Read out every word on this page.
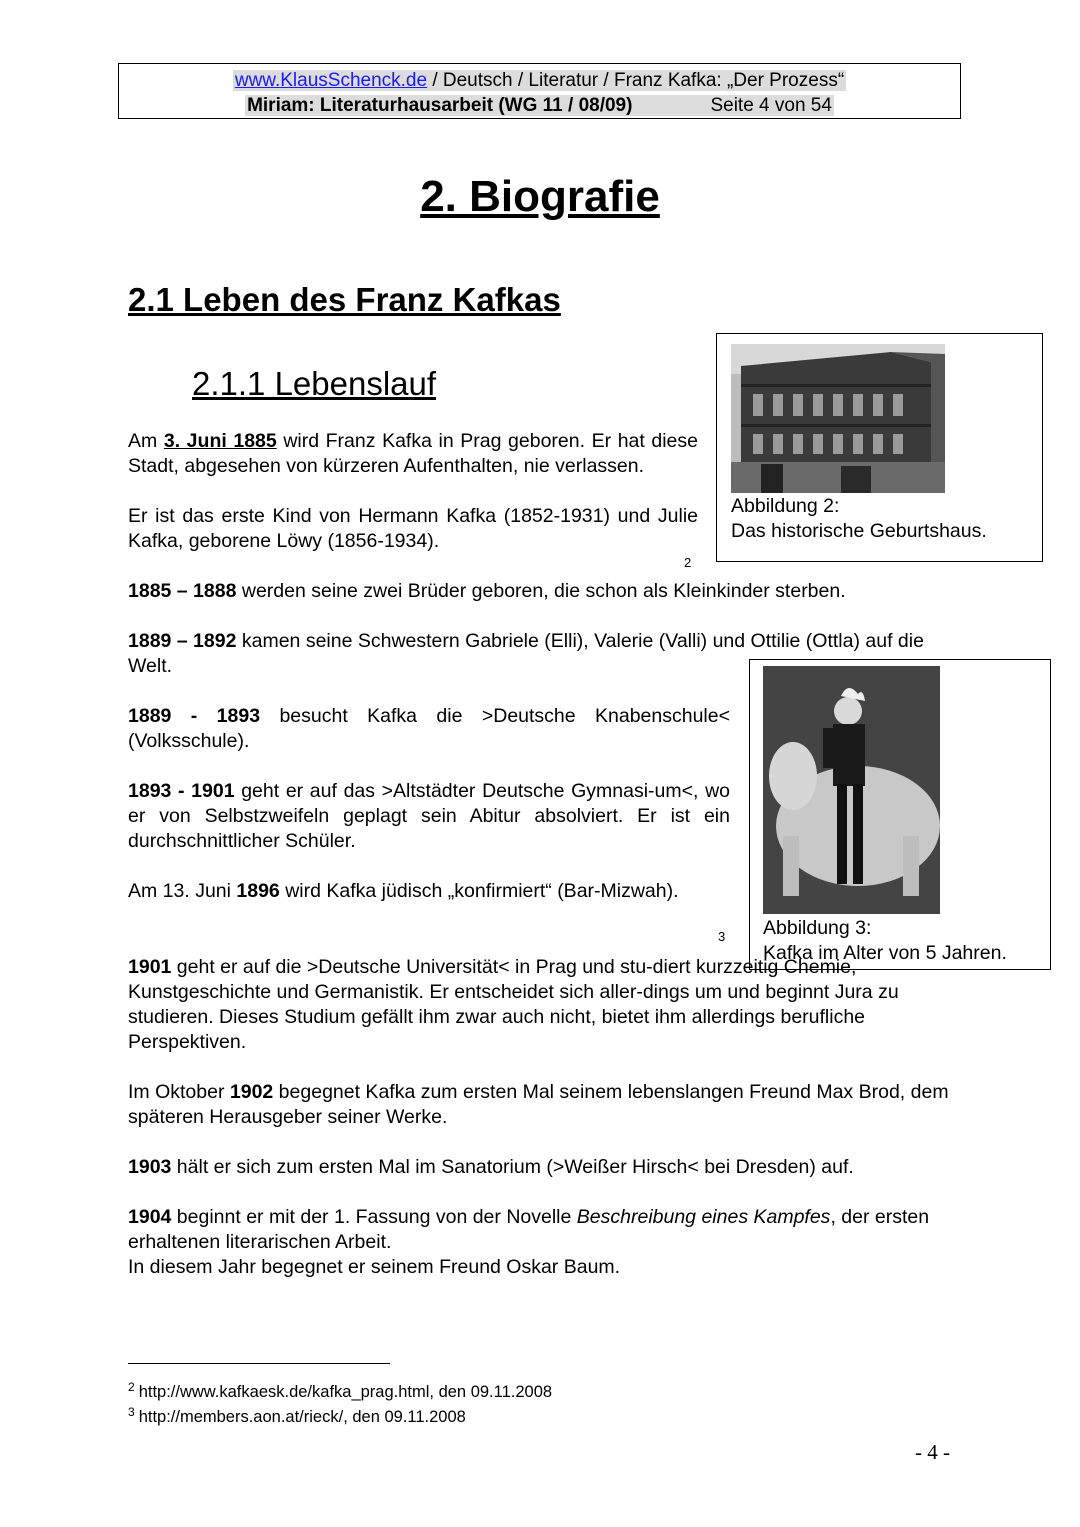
www.KlausSchenck.de / Deutsch / Literatur / Franz Kafka: „Der Prozess“
Miriam: Literaturhausarbeit (WG 11 / 08/09)	Seite 4 von 54
2. Biografie
2.1 Leben des Franz Kafkas
2.1.1 Lebenslauf
Abbildung 2:
Das historische Geburtshaus.
2
Abbildung 3:
Kafka im Alter von 5 Jahren.
3
Am 3. Juni 1885 wird Franz Kafka in Prag geboren. Er hat diese Stadt, abgesehen von kürzeren Aufenthalten, nie verlassen.
Er ist das erste Kind von Hermann Kafka (1852-1931) und Julie Kafka, geborene Löwy (1856-1934).
1885 – 1888 werden seine zwei Brüder geboren, die schon als Kleinkinder sterben.
1889 – 1892 kamen seine Schwestern Gabriele (Elli), Valerie (Valli) und Ottilie (Ottla) auf die Welt.
1889 - 1893 besucht Kafka die >Deutsche Knabenschule< (Volksschule).
1893 - 1901 geht er auf das >Altstädter Deutsche Gymnasi-um<, wo er von Selbstzweifeln geplagt sein Abitur absolviert. Er ist ein durchschnittlicher Schüler.
Am 13. Juni 1896 wird Kafka jüdisch „konfirmiert“ (Bar-Mizwah).
1901 geht er auf die >Deutsche Universität< in Prag und stu-diert kurzzeitig Chemie, Kunstgeschichte und Germanistik. Er entscheidet sich aller-dings um und beginnt Jura zu studieren. Dieses Studium gefällt ihm zwar auch nicht, bietet ihm allerdings berufliche Perspektiven.
Im Oktober 1902 begegnet Kafka zum ersten Mal seinem lebenslangen Freund Max Brod, dem späteren Herausgeber seiner Werke.
1903 hält er sich zum ersten Mal im Sanatorium (>Weißer Hirsch< bei Dresden) auf.
1904 beginnt er mit der 1. Fassung von der Novelle Beschreibung eines Kampfes, der ersten erhaltenen literarischen Arbeit.
In diesem Jahr begegnet er seinem Freund Oskar Baum.
$^2$ http://www.kafkaesk.de/kafka_prag.html, den 09.11.2008
$^3$ http://members.aon.at/rieck/, den 09.11.2008
- 4 -
